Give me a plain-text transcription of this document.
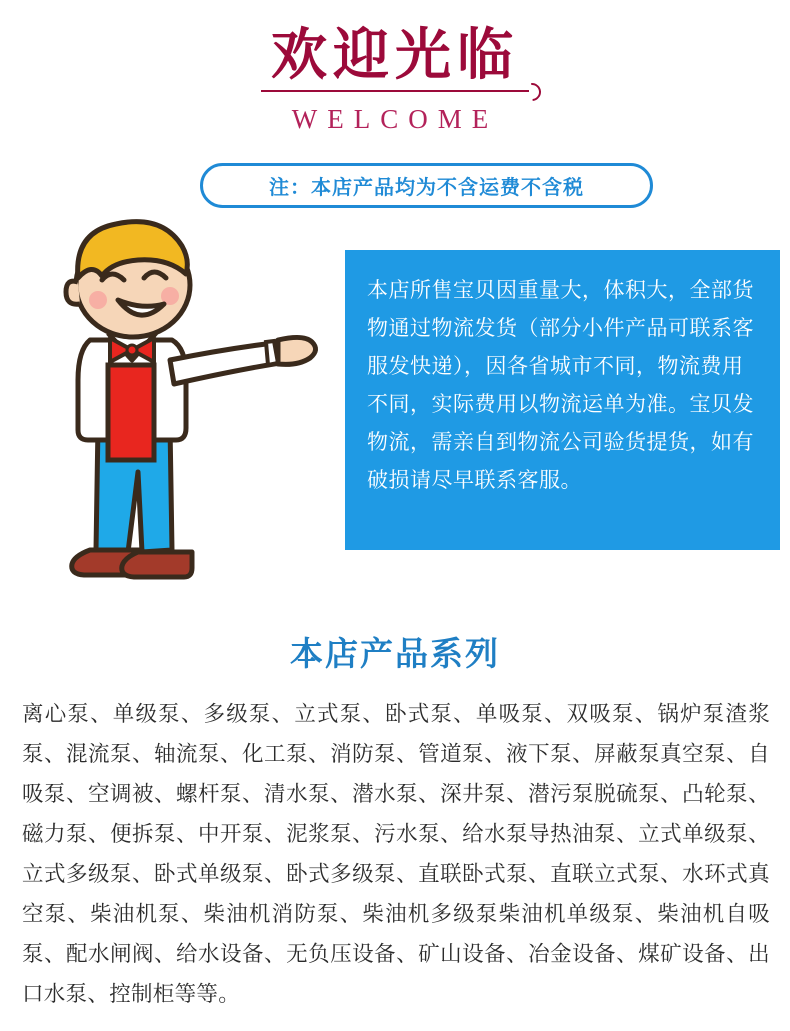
欢迎光临
WELCOME
注：本店产品均为不含运费不含税
本店所售宝贝因重量大，体积大，全部货物通过物流发货（部分小件产品可联系客服发快递），因各省城市不同，物流费用不同，实际费用以物流运单为准。宝贝发物流，需亲自到物流公司验货提货，如有破损请尽早联系客服。
本店产品系列
离心泵、单级泵、多级泵、立式泵、卧式泵、单吸泵、双吸泵、锅炉泵渣浆泵、混流泵、轴流泵、化工泵、消防泵、管道泵、液下泵、屏蔽泵真空泵、自吸泵、空调被、螺杆泵、清水泵、潜水泵、深井泵、潜污泵脱硫泵、凸轮泵、磁力泵、便拆泵、中开泵、泥浆泵、污水泵、给水泵导热油泵、立式单级泵、立式多级泵、卧式单级泵、卧式多级泵、直联卧式泵、直联立式泵、水环式真空泵、柴油机泵、柴油机消防泵、柴油机多级泵柴油机单级泵、柴油机自吸泵、配水闸阀、给水设备、无负压设备、矿山设备、冶金设备、煤矿设备、出口水泵、控制柜等等。
